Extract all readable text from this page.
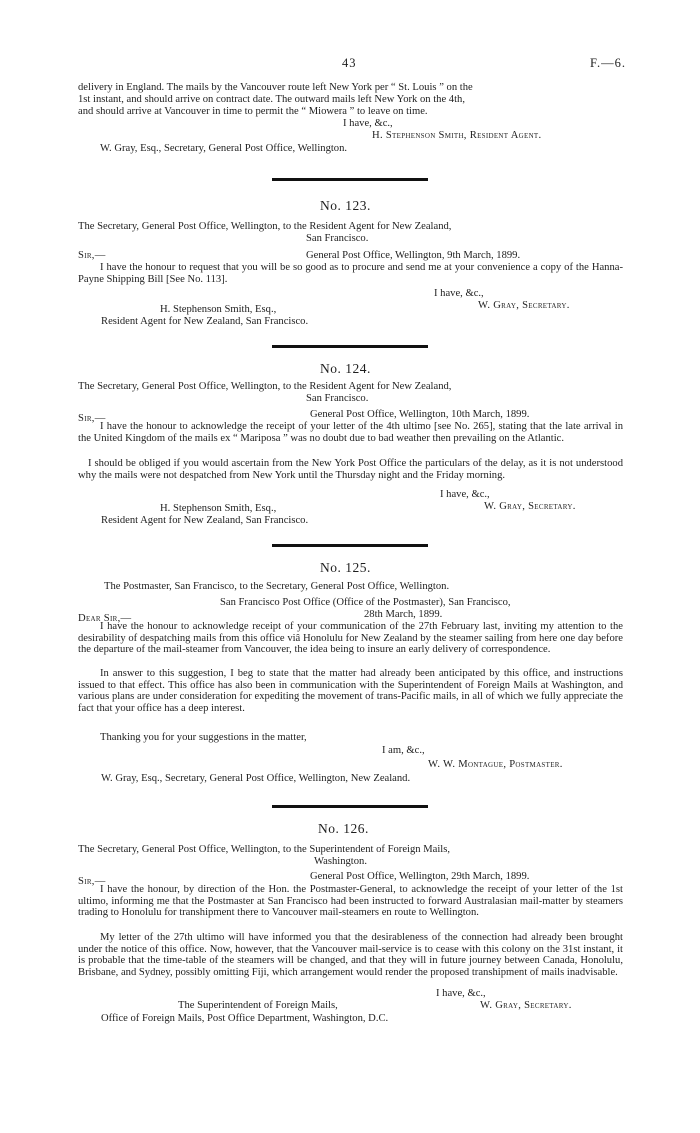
43	F.—6.
delivery in England. The mails by the Vancouver route left New York per “ St. Louis ” on the
1st instant, and should arrive on contract date. The outward mails left New York on the 4th,
and should arrive at Vancouver in time to permit the “ Miowera ” to leave on time.
I have, &c.,
H. Stephenson Smith, Resident Agent.
W. Gray, Esq., Secretary, General Post Office, Wellington.
No. 123.
The Secretary, General Post Office, Wellington, to the Resident Agent for New Zealand,
San Francisco.
Sir,—	General Post Office, Wellington, 9th March, 1899.
I have the honour to request that you will be so good as to procure and send me at your convenience a copy of the Hanna-Payne Shipping Bill [See No. 113].
I have, &c.,
H. Stephenson Smith, Esq.,	W. Gray, Secretary.
Resident Agent for New Zealand, San Francisco.
No. 124.
The Secretary, General Post Office, Wellington, to the Resident Agent for New Zealand,
San Francisco.
Sir,—	General Post Office, Wellington, 10th March, 1899.
I have the honour to acknowledge the receipt of your letter of the 4th ultimo [see No. 265], stating that the late arrival in the United Kingdom of the mails ex “ Mariposa ” was no doubt due to bad weather then prevailing on the Atlantic.
I should be obliged if you would ascertain from the New York Post Office the particulars of the delay, as it is not understood why the mails were not despatched from New York until the Thursday night and the Friday morning.
I have, &c.,
H. Stephenson Smith, Esq.,	W. Gray, Secretary.
Resident Agent for New Zealand, San Francisco.
No. 125.
The Postmaster, San Francisco, to the Secretary, General Post Office, Wellington.
San Francisco Post Office (Office of the Postmaster), San Francisco,
Dear Sir,—	28th March, 1899.
I have the honour to acknowledge receipt of your communication of the 27th February last, inviting my attention to the desirability of despatching mails from this office viâ Honolulu for New Zealand by the steamer sailing from here one day before the departure of the mail-steamer from Vancouver, the idea being to insure an early delivery of correspondence.
In answer to this suggestion, I beg to state that the matter had already been anticipated by this office, and instructions issued to that effect. This office has also been in communication with the Superintendent of Foreign Mails at Washington, and various plans are under consideration for expediting the movement of trans-Pacific mails, in all of which we fully appreciate the fact that your office has a deep interest.
Thanking you for your suggestions in the matter,
I am, &c.,
W. W. Montague, Postmaster.
W. Gray, Esq., Secretary, General Post Office, Wellington, New Zealand.
No. 126.
The Secretary, General Post Office, Wellington, to the Superintendent of Foreign Mails,
Washington.
Sir,—	General Post Office, Wellington, 29th March, 1899.
I have the honour, by direction of the Hon. the Postmaster-General, to acknowledge the receipt of your letter of the 1st ultimo, informing me that the Postmaster at San Francisco had been instructed to forward Australasian mail-matter by steamers trading to Honolulu for transhipment there to Vancouver mail-steamers en route to Wellington.
My letter of the 27th ultimo will have informed you that the desirableness of the connection had already been brought under the notice of this office. Now, however, that the Vancouver mail-service is to cease with this colony on the 31st instant, it is probable that the time-table of the steamers will be changed, and that they will in future journey between Canada, Honolulu, Brisbane, and Sydney, possibly omitting Fiji, which arrangement would render the proposed transhipment of mails inadvisable.
I have, &c.,
The Superintendent of Foreign Mails,	W. Gray, Secretary.
Office of Foreign Mails, Post Office Department, Washington, D.C.
